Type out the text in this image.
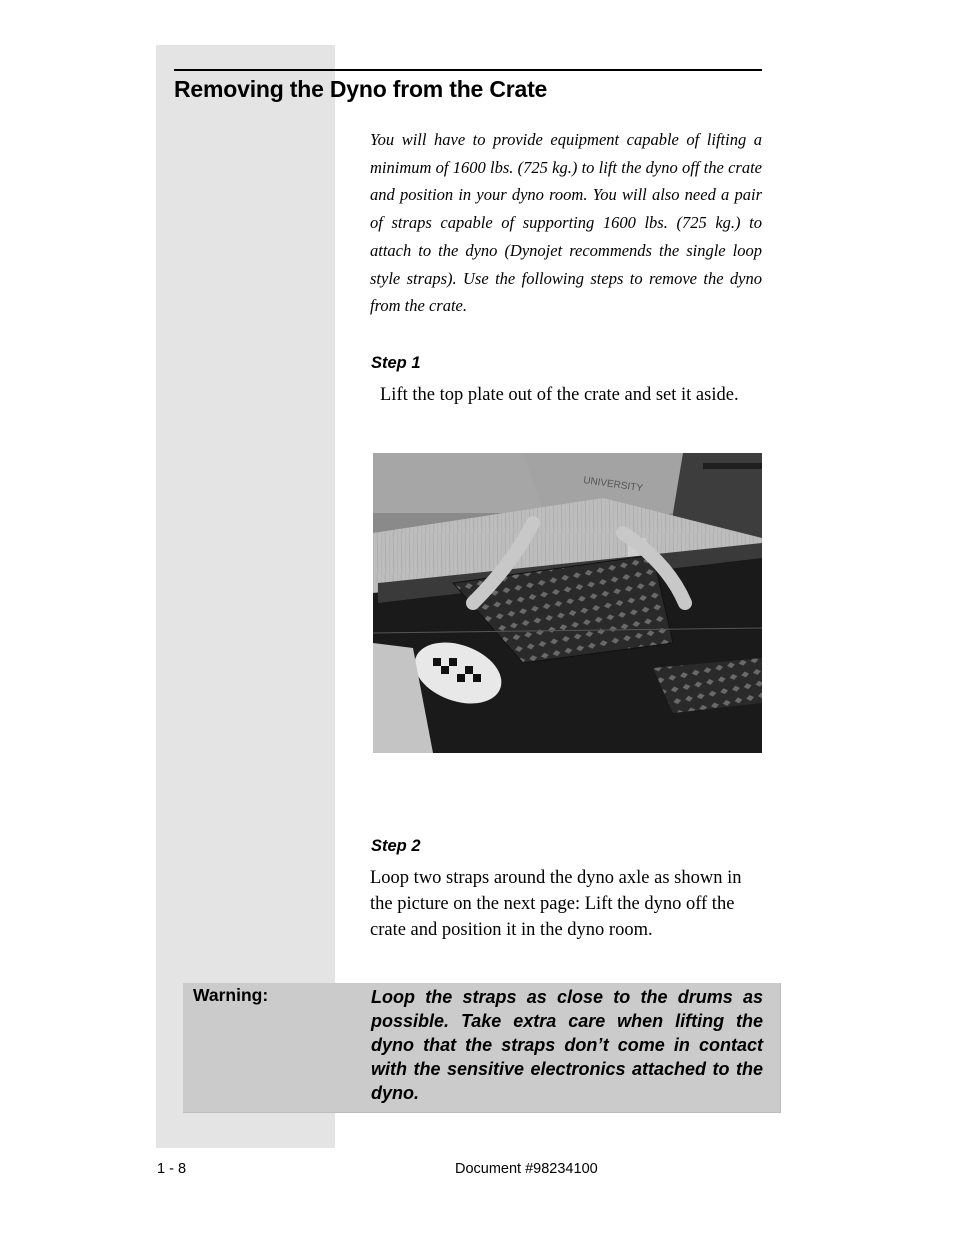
Removing the Dyno from the Crate

You will have to provide equipment capable of lifting a minimum of 1600 lbs. (725 kg.) to lift the dyno off the crate and position in your dyno room. You will also need a pair of straps capable of supporting 1600 lbs. (725 kg.) to attach to the dyno (Dynojet recommends the single loop style straps). Use the following steps to remove the dyno from the crate.

Step 1

Lift the top plate out of the crate and set it aside.

UNIVERSITY

Step 2

Loop two straps around the dyno axle as shown in the picture on the next page: Lift the dyno off the crate and position it in the dyno room.

Warning:	Loop the straps as close to the drums as possible. Take extra care when lifting the dyno that the straps don’t come in contact with the sensitive electronics attached to the dyno.

1 - 8	Document #98234100
